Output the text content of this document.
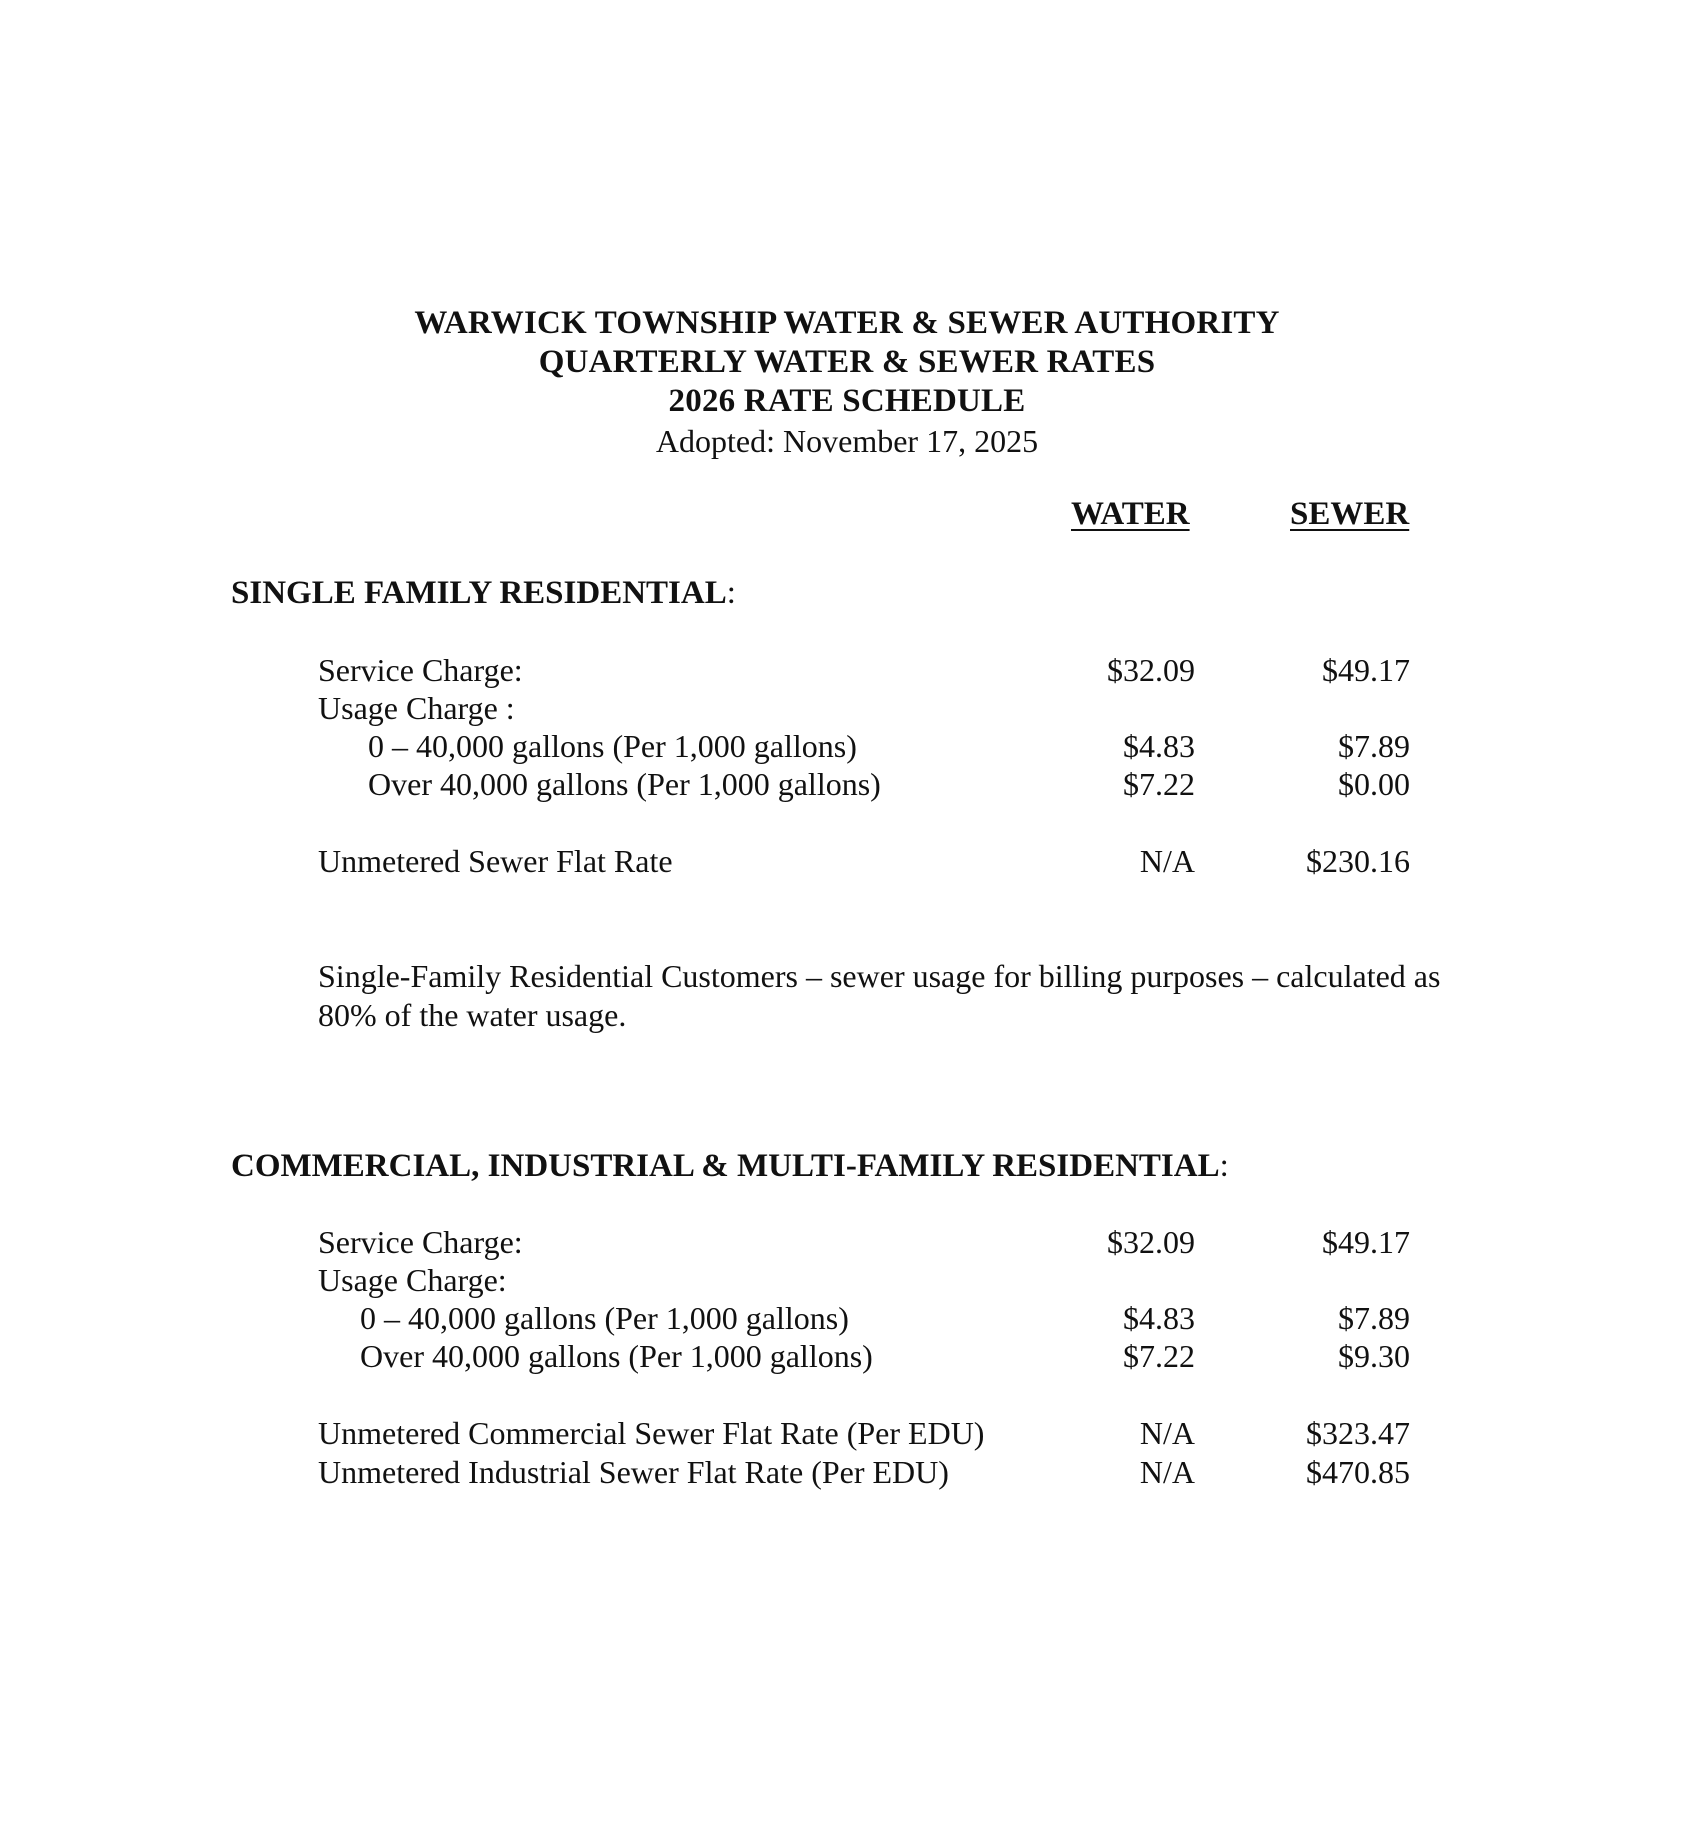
WARWICK TOWNSHIP WATER & SEWER AUTHORITY
QUARTERLY WATER & SEWER RATES
2026 RATE SCHEDULE
Adopted: November 17, 2025
WATER	SEWER
SINGLE FAMILY RESIDENTIAL:
Service Charge:	$32.09	$49.17
Usage Charge :
0 – 40,000 gallons (Per 1,000 gallons)	$4.83	$7.89
Over 40,000 gallons (Per 1,000 gallons)	$7.22	$0.00
Unmetered Sewer Flat Rate	N/A	$230.16
Single-Family Residential Customers – sewer usage for billing purposes – calculated as 80% of the water usage.
COMMERCIAL, INDUSTRIAL & MULTI-FAMILY RESIDENTIAL:
Service Charge:	$32.09	$49.17
Usage Charge:
0 – 40,000 gallons (Per 1,000 gallons)	$4.83	$7.89
Over 40,000 gallons (Per 1,000 gallons)	$7.22	$9.30
Unmetered Commercial Sewer Flat Rate (Per EDU)	N/A	$323.47
Unmetered Industrial Sewer Flat Rate (Per EDU)	N/A	$470.85
